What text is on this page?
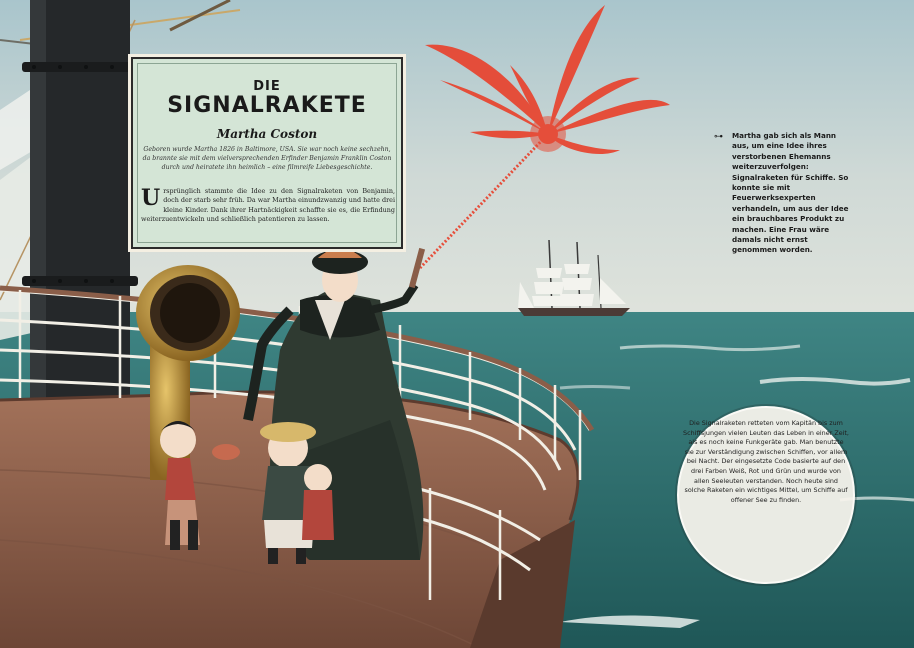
DIE
SIGNALRAKETE
Martha Coston
Geboren wurde Martha 1826 in Baltimore, USA. Sie war noch keine sechzehn, da brannte sie mit dem vielversprechenden Erfinder Benjamin Franklin Coston durch und heiratete ihn heimlich – eine filmreife Liebesgeschichte.
Ursprünglich stammte die Idee zu den Signalraketen von Benjamin, doch der starb sehr früh. Da war Martha einundzwanzig und hatte drei kleine Kinder. Dank ihrer Hartnäckigkeit schaffte sie es, die Erfindung weiterzuentwickeln und schließlich patentieren zu lassen.
⊶ Martha gab sich als Mann aus, um eine Idee ihres verstorbenen Ehemanns weiterzuverfolgen: Signalraketen für Schiffe. So konnte sie mit Feuerwerksexperten verhandeln, um aus der Idee ein brauchbares Produkt zu machen. Eine Frau wäre damals nicht ernst genommen worden.
Die Signalraketen retteten vom Kapitän bis zum Schiffsjungen vielen Leuten das Leben in einer Zeit, als es noch keine Funkgeräte gab. Man benutzte sie zur Verständigung zwischen Schiffen, vor allem bei Nacht. Der eingesetzte Code basierte auf den drei Farben Weiß, Rot und Grün und wurde von allen Seeleuten verstanden. Noch heute sind solche Raketen ein wichtiges Mittel, um Schiffe auf offener See zu finden.
